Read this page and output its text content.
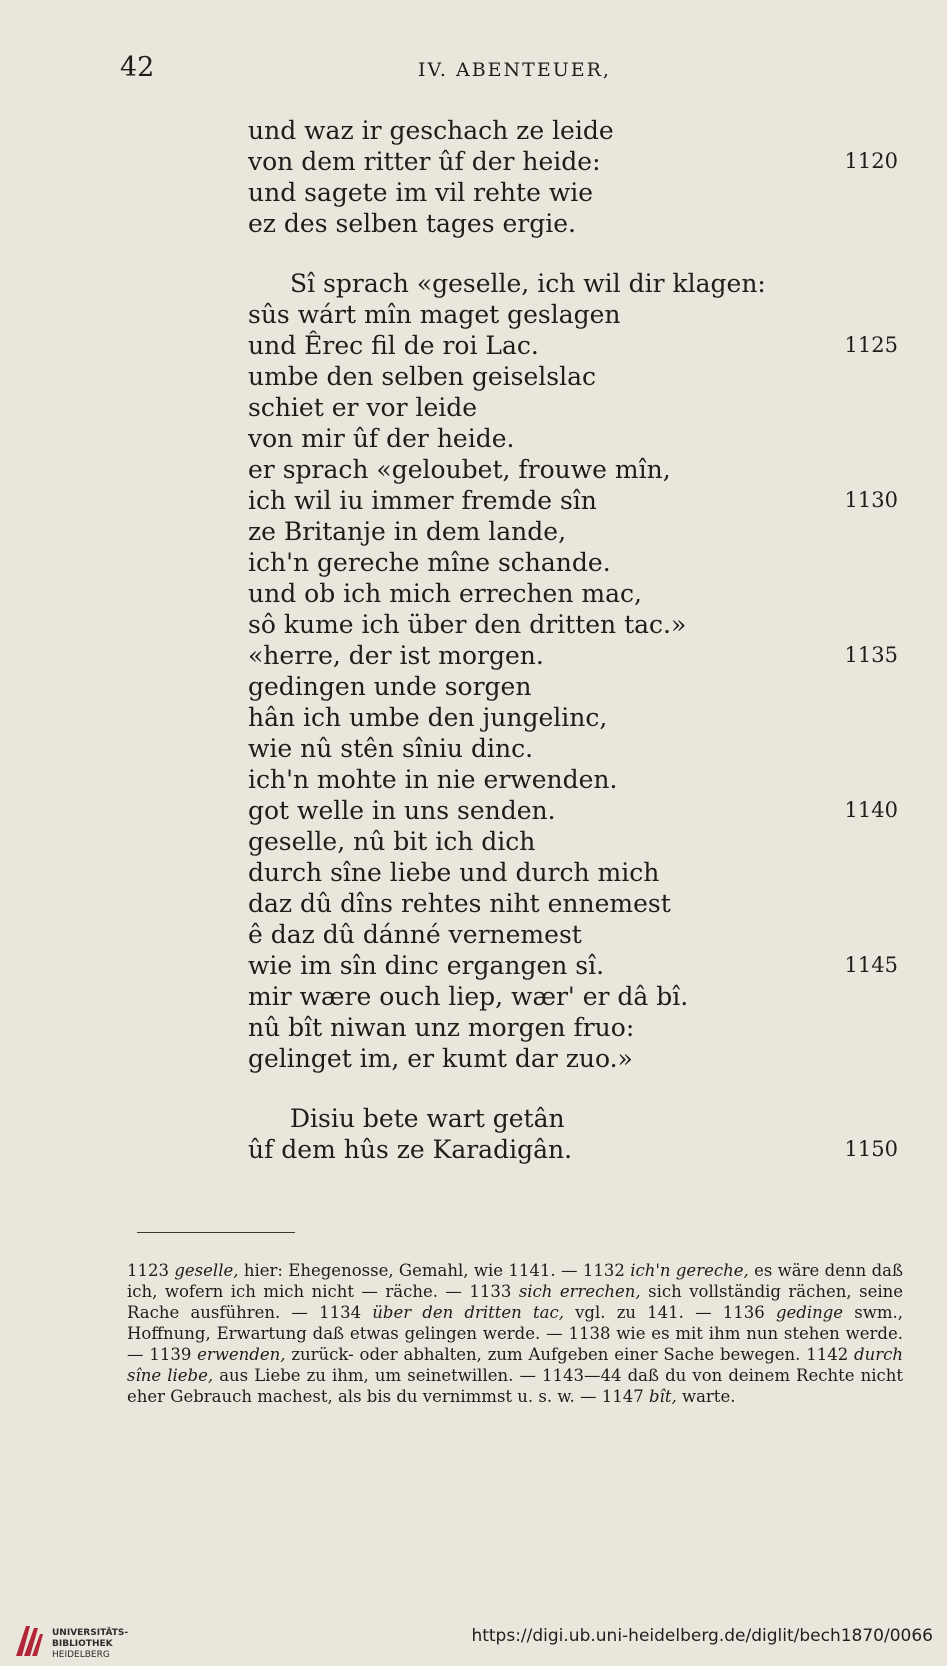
42	IV. ABENTEUER,
und waz ir geschach ze leide
von dem ritter ûf der heide:	1120
und sagete im vil rehte wie
ez des selben tages ergie.
Sî sprach «geselle, ich wil dir klagen:
sûs wárt mîn maget geslagen
und Êrec fil de roi Lac.	1125
umbe den selben geiselslac
schiet er vor leide
von mir ûf der heide.
er sprach «geloubet, frouwe mîn,
ich wil iu immer fremde sîn	1130
ze Britanje in dem lande,
ich'n gereche mîne schande.
und ob ich mich errechen mac,
sô kume ich über den dritten tac.»
«herre, der ist morgen.	1135
gedingen unde sorgen
hân ich umbe den jungelinc,
wie nû stên sîniu dinc.
ich'n mohte in nie erwenden.
got welle in uns senden.	1140
geselle, nû bit ich dich
durch sîne liebe und durch mich
daz dû dîns rehtes niht ennemest
ê daz dû dánné vernemest
wie im sîn dinc ergangen sî.	1145
mir wære ouch liep, wær' er dâ bî.
nû bît niwan unz morgen fruo:
gelinget im, er kumt dar zuo.»
Disiu bete wart getân
ûf dem hûs ze Karadigân.	1150
1123 geselle, hier: Ehegenosse, Gemahl, wie 1141. — 1132 ich'n gereche, es wäre denn daß ich, wofern ich mich nicht — räche. — 1133 sich errechen, sich vollständig rächen, seine Rache ausführen. — 1134 über den dritten tac, vgl. zu 141. — 1136 gedinge swm., Hoffnung, Erwartung daß etwas gelingen werde. — 1138 wie es mit ihm nun stehen werde. — 1139 erwenden, zurück- oder abhalten, zum Aufgeben einer Sache bewegen. 1142 durch sîne liebe, aus Liebe zu ihm, um seinetwillen. — 1143—44 daß du von deinem Rechte nicht eher Gebrauch machest, als bis du vernimmst u. s. w. — 1147 bît, warte.
UNIVERSITÄTS-
BIBLIOTHEK
HEIDELBERG
https://digi.ub.uni-heidelberg.de/diglit/bech1870/0066
